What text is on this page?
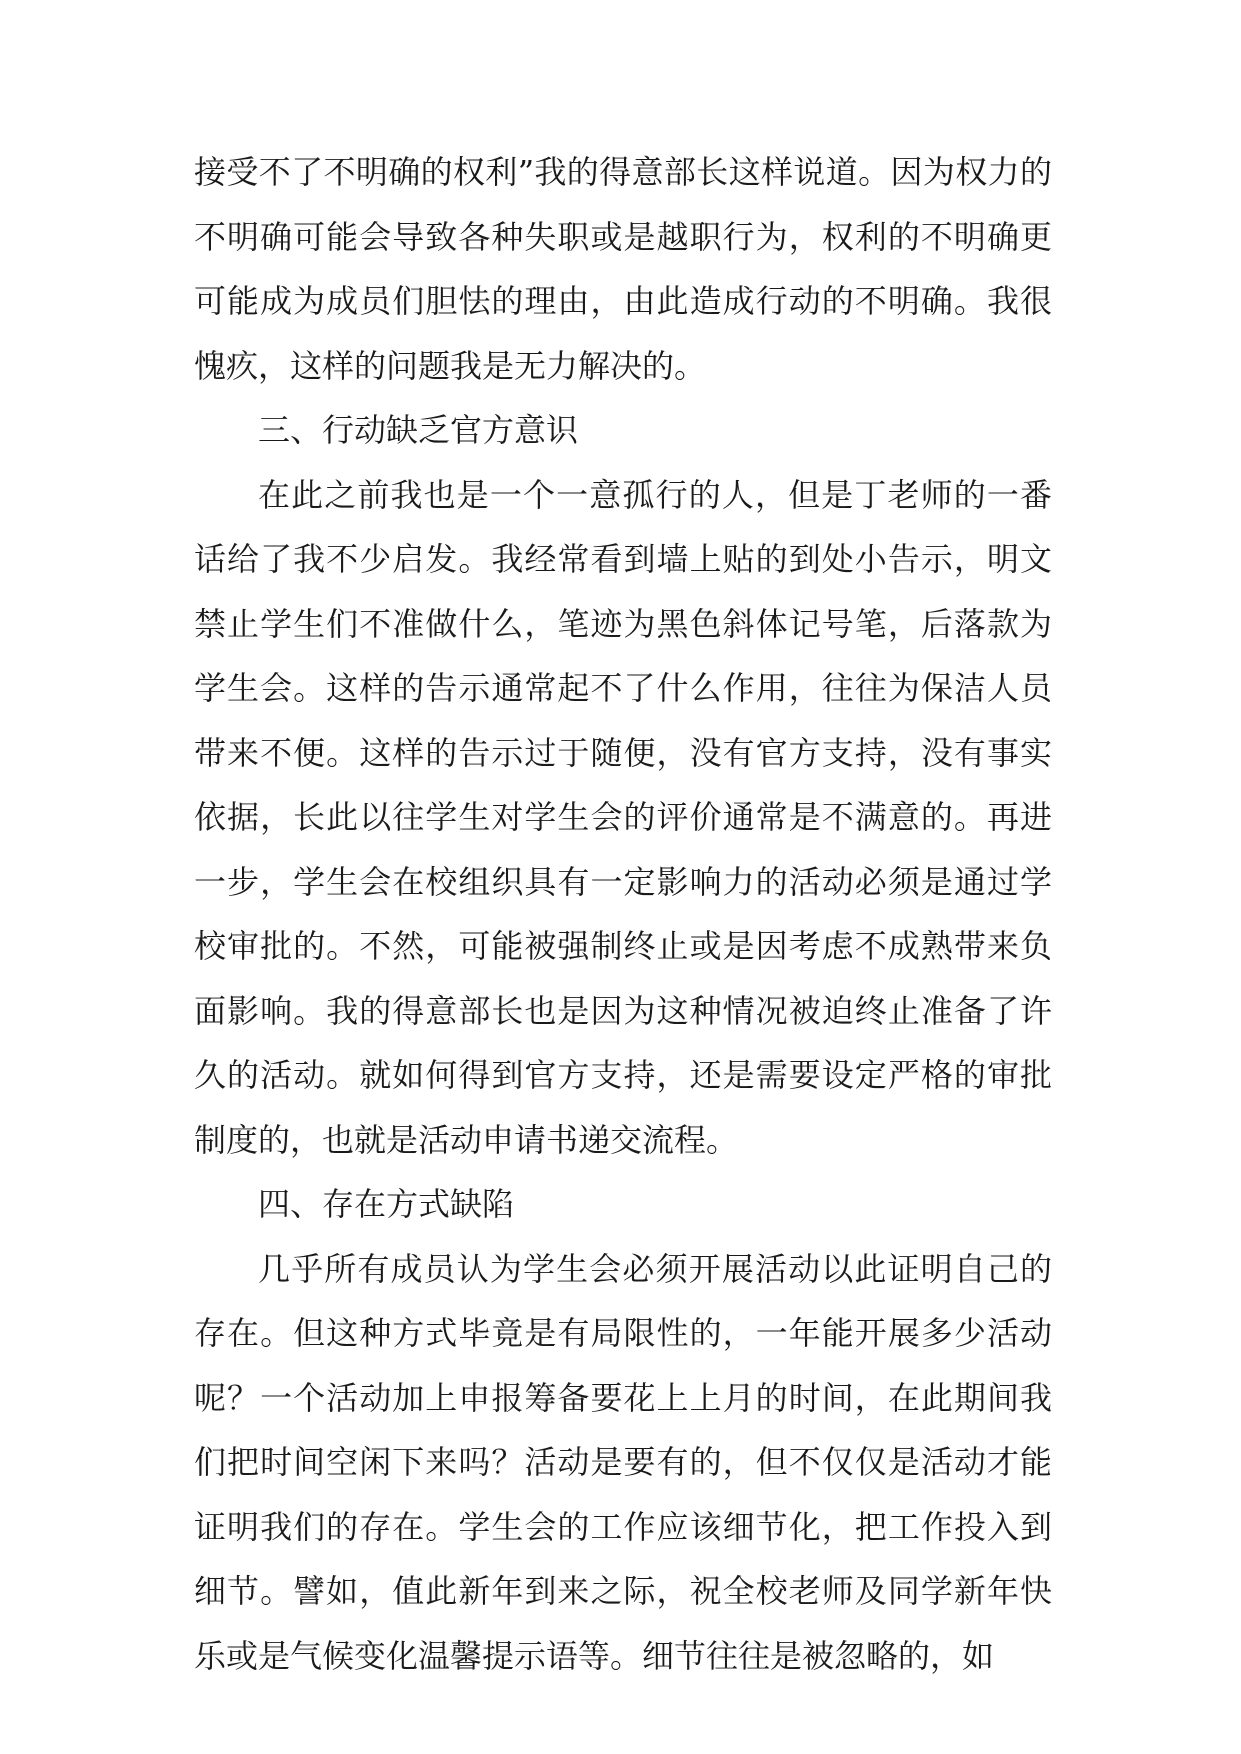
接受不了不明确的权利”我的得意部长这样说道。因为权力的不明确可能会导致各种失职或是越职行为，权利的不明确更可能成为成员们胆怯的理由，由此造成行动的不明确。我很愧疚，这样的问题我是无力解决的。

三、行动缺乏官方意识

在此之前我也是一个一意孤行的人，但是丁老师的一番话给了我不少启发。我经常看到墙上贴的到处小告示，明文禁止学生们不准做什么，笔迹为黑色斜体记号笔，后落款为学生会。这样的告示通常起不了什么作用，往往为保洁人员带来不便。这样的告示过于随便，没有官方支持，没有事实依据，长此以往学生对学生会的评价通常是不满意的。再进一步，学生会在校组织具有一定影响力的活动必须是通过学校审批的。不然，可能被强制终止或是因考虑不成熟带来负面影响。我的得意部长也是因为这种情况被迫终止准备了许久的活动。就如何得到官方支持，还是需要设定严格的审批制度的，也就是活动申请书递交流程。

四、存在方式缺陷

几乎所有成员认为学生会必须开展活动以此证明自己的存在。但这种方式毕竟是有局限性的，一年能开展多少活动呢？一个活动加上申报筹备要花上上月的时间，在此期间我们把时间空闲下来吗？活动是要有的，但不仅仅是活动才能证明我们的存在。学生会的工作应该细节化，把工作投入到细节。譬如，值此新年到来之际，祝全校老师及同学新年快乐或是气候变化温馨提示语等。细节往往是被忽略的，如
